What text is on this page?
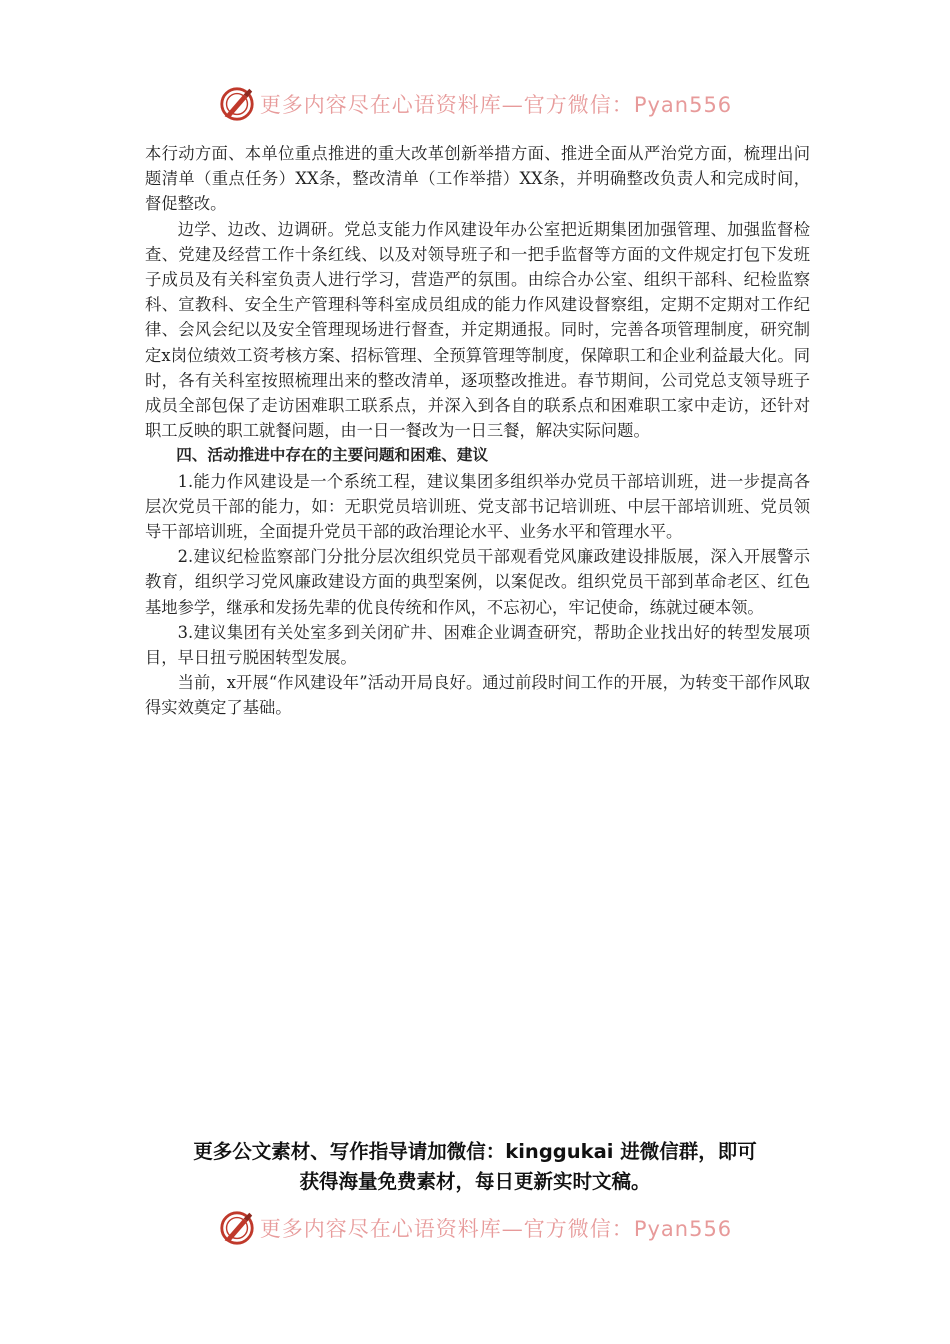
更多内容尽在心语资料库—官方微信：Pyan556

本行动方面、本单位重点推进的重大改革创新举措方面、推进全面从严治党方面，梳理出问题清单（重点任务）XX条，整改清单（工作举措）XX条，并明确整改负责人和完成时间，督促整改。

边学、边改、边调研。党总支能力作风建设年办公室把近期集团加强管理、加强监督检查、党建及经营工作十条红线、以及对领导班子和一把手监督等方面的文件规定打包下发班子成员及有关科室负责人进行学习，营造严的氛围。由综合办公室、组织干部科、纪检监察科、宣教科、安全生产管理科等科室成员组成的能力作风建设督察组，定期不定期对工作纪律、会风会纪以及安全管理现场进行督查，并定期通报。同时，完善各项管理制度，研究制定x岗位绩效工资考核方案、招标管理、全预算管理等制度，保障职工和企业利益最大化。同时，各有关科室按照梳理出来的整改清单，逐项整改推进。春节期间，公司党总支领导班子成员全部包保了走访困难职工联系点，并深入到各自的联系点和困难职工家中走访，还针对职工反映的职工就餐问题，由一日一餐改为一日三餐，解决实际问题。

四、活动推进中存在的主要问题和困难、建议

1.能力作风建设是一个系统工程，建议集团多组织举办党员干部培训班，进一步提高各层次党员干部的能力，如：无职党员培训班、党支部书记培训班、中层干部培训班、党员领导干部培训班，全面提升党员干部的政治理论水平、业务水平和管理水平。

2.建议纪检监察部门分批分层次组织党员干部观看党风廉政建设排版展，深入开展警示教育，组织学习党风廉政建设方面的典型案例，以案促改。组织党员干部到革命老区、红色基地参学，继承和发扬先辈的优良传统和作风，不忘初心，牢记使命，练就过硬本领。

3.建议集团有关处室多到关闭矿井、困难企业调查研究，帮助企业找出好的转型发展项目，早日扭亏脱困转型发展。

当前，x开展“作风建设年”活动开局良好。通过前段时间工作的开展，为转变干部作风取得实效奠定了基础。

更多公文素材、写作指导请加微信：kinggukai 进微信群，即可
获得海量免费素材，每日更新实时文稿。
更多内容尽在心语资料库—官方微信：Pyan556
